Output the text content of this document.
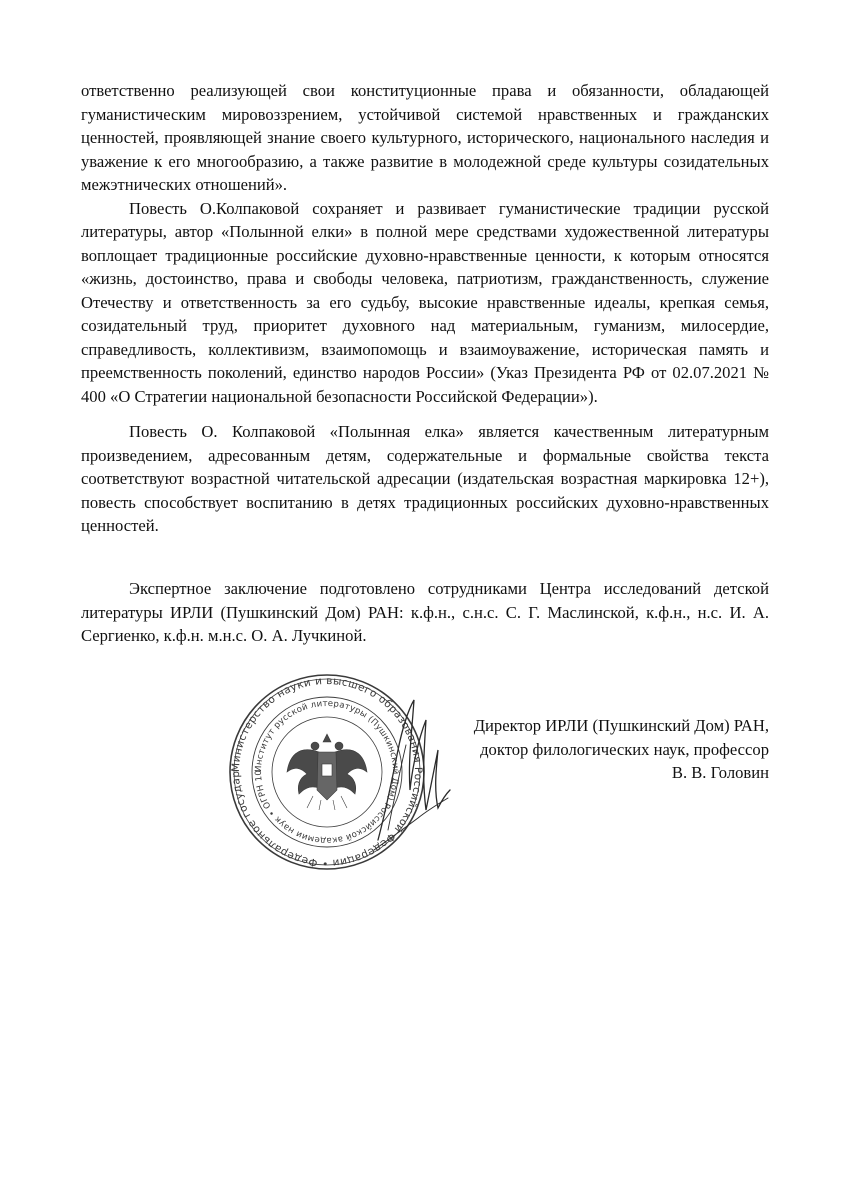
ответственно реализующей свои конституционные права и обязанности, обладающей гуманистическим мировоззрением, устойчивой системой нравственных и гражданских ценностей, проявляющей знание своего культурного, исторического, национального наследия и уважение к его многообразию, а также развитие в молодежной среде культуры созидательных межэтнических отношений».

Повесть О.Колпаковой сохраняет и развивает гуманистические традиции русской литературы, автор «Полынной елки» в полной мере средствами художественной литературы воплощает традиционные российские духовно-нравственные ценности, к которым относятся «жизнь, достоинство, права и свободы человека, патриотизм, гражданственность, служение Отечеству и ответственность за его судьбу, высокие нравственные идеалы, крепкая семья, созидательный труд, приоритет духовного над материальным, гуманизм, милосердие, справедливость, коллективизм, взаимопомощь и взаимоуважение, историческая память и преемственность поколений, единство народов России» (Указ Президента РФ от 02.07.2021 № 400 «О Стратегии национальной безопасности Российской Федерации»).

Повесть О. Колпаковой «Полынная елка» является качественным литературным произведением, адресованным детям, содержательные и формальные свойства текста соответствуют возрастной читательской адресации (издательская возрастная маркировка 12+), повесть способствует воспитанию в детях традиционных российских духовно-нравственных ценностей.

Экспертное заключение подготовлено сотрудниками Центра исследований детской литературы ИРЛИ (Пушкинский Дом) РАН: к.ф.н., с.н.с. С. Г. Маслинской, к.ф.н., н.с. И. А. Сергиенко, к.ф.н. м.н.с. О. А. Лучкиной.

Министерство науки и высшего образования Российской Федерации • Федеральное государ
Институт русской литературы (Пушкинский Дом) Российской академии наук • ОГРН 10
Директор ИРЛИ (Пушкинский Дом) РАН,
доктор филологических наук, профессор
В. В. Головин
